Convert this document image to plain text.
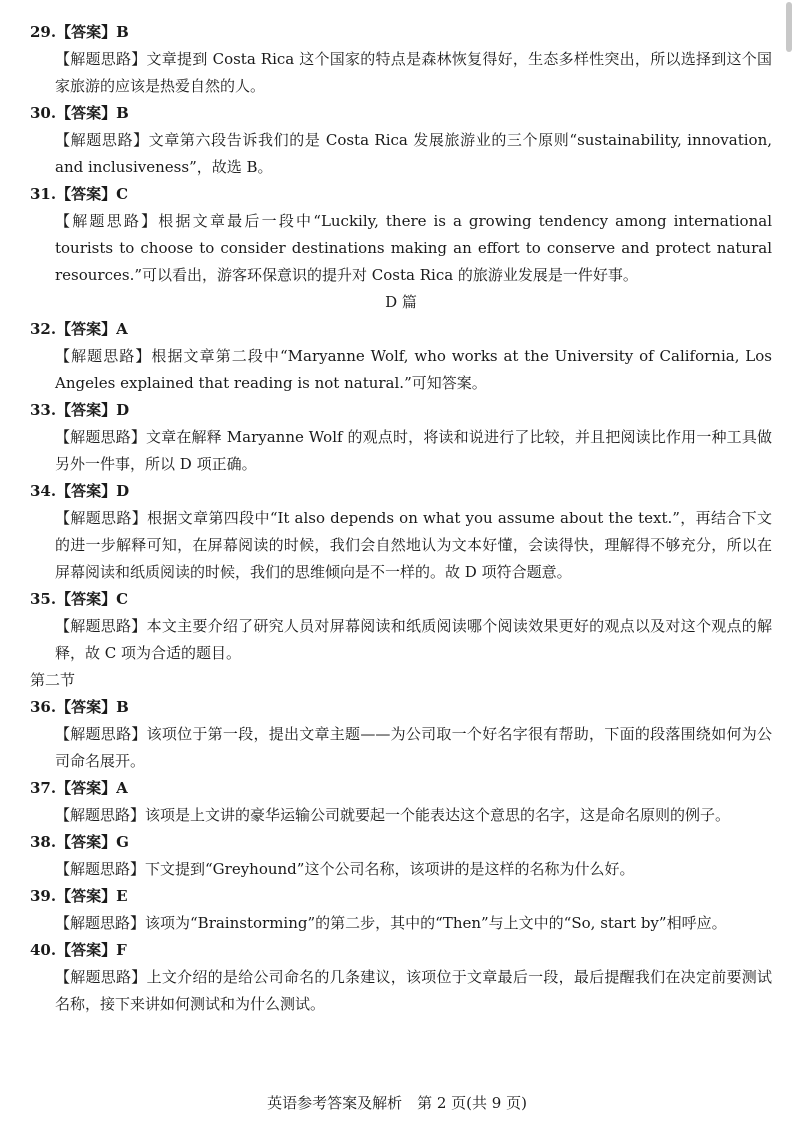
29.【答案】B
【解题思路】文章提到 Costa Rica 这个国家的特点是森林恢复得好，生态多样性突出，所以选择到这个国家旅游的应该是热爱自然的人。
30.【答案】B
【解题思路】文章第六段告诉我们的是 Costa Rica 发展旅游业的三个原则“sustainability, innovation, and inclusiveness”，故选 B。
31.【答案】C
【解题思路】根据文章最后一段中“Luckily, there is a growing tendency among international tourists to choose to consider destinations making an effort to conserve and protect natural resources.”可以看出，游客环保意识的提升对 Costa Rica 的旅游业发展是一件好事。
D 篇
32.【答案】A
【解题思路】根据文章第二段中“Maryanne Wolf, who works at the University of California, Los Angeles explained that reading is not natural.”可知答案。
33.【答案】D
【解题思路】文章在解释 Maryanne Wolf 的观点时，将读和说进行了比较，并且把阅读比作用一种工具做另外一件事，所以 D 项正确。
34.【答案】D
【解题思路】根据文章第四段中“It also depends on what you assume about the text.”，再结合下文的进一步解释可知，在屏幕阅读的时候，我们会自然地认为文本好懂，会读得快，理解得不够充分，所以在屏幕阅读和纸质阅读的时候，我们的思维倾向是不一样的。故 D 项符合题意。
35.【答案】C
【解题思路】本文主要介绍了研究人员对屏幕阅读和纸质阅读哪个阅读效果更好的观点以及对这个观点的解释，故 C 项为合适的题目。
第二节
36.【答案】B
【解题思路】该项位于第一段，提出文章主题——为公司取一个好名字很有帮助，下面的段落围绕如何为公司命名展开。
37.【答案】A
【解题思路】该项是上文讲的豪华运输公司就要起一个能表达这个意思的名字，这是命名原则的例子。
38.【答案】G
【解题思路】下文提到“Greyhound”这个公司名称，该项讲的是这样的名称为什么好。
39.【答案】E
【解题思路】该项为“Brainstorming”的第二步，其中的“Then”与上文中的“So, start by”相呼应。
40.【答案】F
【解题思路】上文介绍的是给公司命名的几条建议，该项位于文章最后一段，最后提醒我们在决定前要测试名称，接下来讲如何测试和为什么测试。
英语参考答案及解析　第 2 页(共 9 页)
